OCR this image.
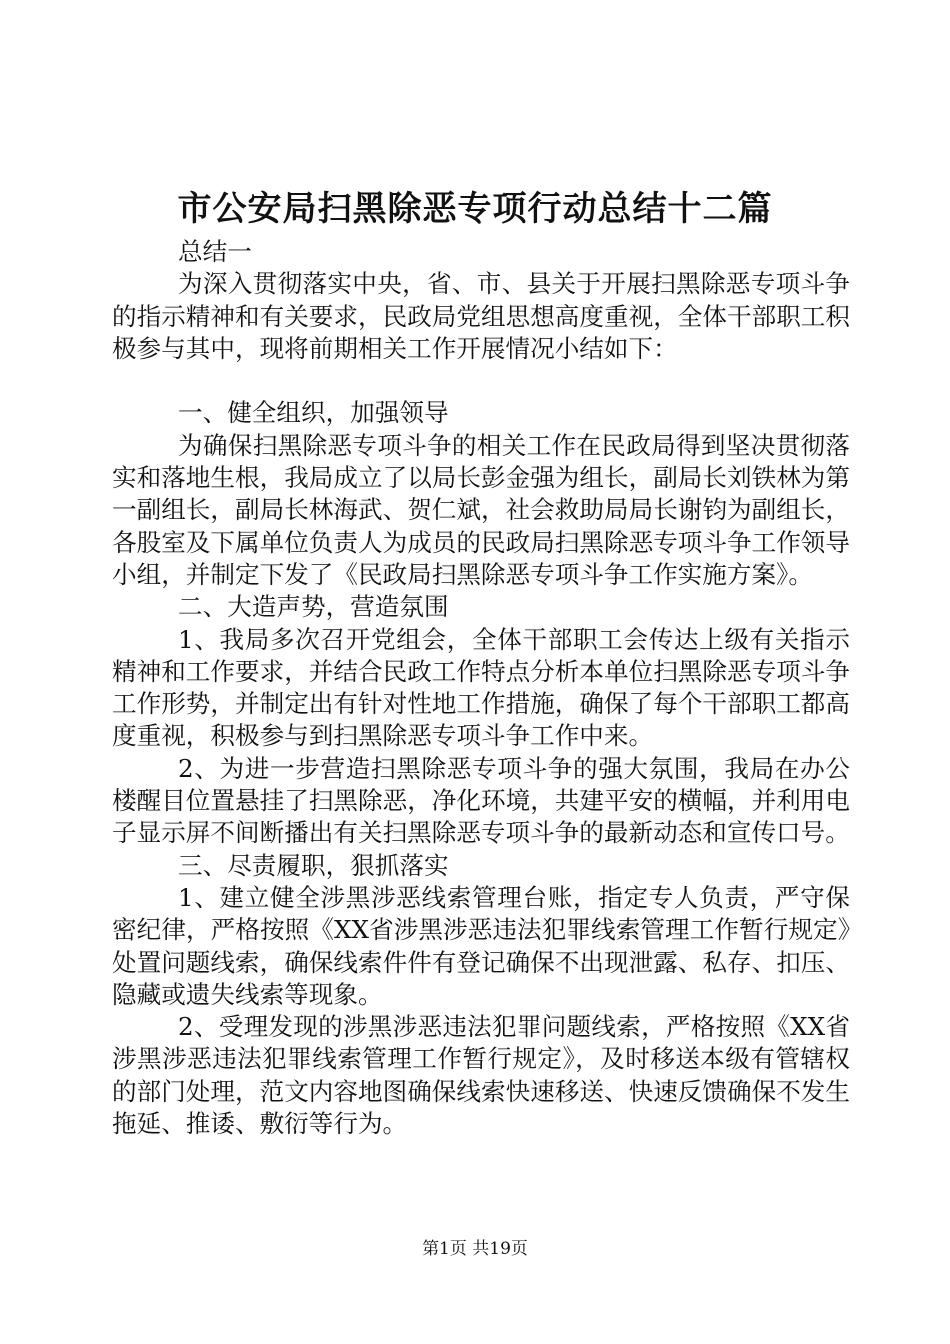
市公安局扫黑除恶专项行动总结十二篇

总结一

为深入贯彻落实中央，省、市、县关于开展扫黑除恶专项斗争的指示精神和有关要求，民政局党组思想高度重视，全体干部职工积极参与其中，现将前期相关工作开展情况小结如下：

一、健全组织，加强领导

为确保扫黑除恶专项斗争的相关工作在民政局得到坚决贯彻落实和落地生根，我局成立了以局长彭金强为组长，副局长刘铁林为第一副组长，副局长林海武、贺仁斌，社会救助局局长谢钧为副组长，各股室及下属单位负责人为成员的民政局扫黑除恶专项斗争工作领导小组，并制定下发了《民政局扫黑除恶专项斗争工作实施方案》。

二、大造声势，营造氛围

1、我局多次召开党组会，全体干部职工会传达上级有关指示精神和工作要求，并结合民政工作特点分析本单位扫黑除恶专项斗争工作形势，并制定出有针对性地工作措施，确保了每个干部职工都高度重视，积极参与到扫黑除恶专项斗争工作中来。

2、为进一步营造扫黑除恶专项斗争的强大氛围，我局在办公楼醒目位置悬挂了扫黑除恶，净化环境，共建平安的横幅，并利用电子显示屏不间断播出有关扫黑除恶专项斗争的最新动态和宣传口号。

三、尽责履职，狠抓落实

1、建立健全涉黑涉恶线索管理台账，指定专人负责，严守保密纪律，严格按照《XX省涉黑涉恶违法犯罪线索管理工作暂行规定》处置问题线索，确保线索件件有登记确保不出现泄露、私存、扣压、隐藏或遗失线索等现象。

2、受理发现的涉黑涉恶违法犯罪问题线索，严格按照《XX省涉黑涉恶违法犯罪线索管理工作暂行规定》，及时移送本级有管辖权的部门处理，范文内容地图确保线索快速移送、快速反馈确保不发生拖延、推诿、敷衍等行为。

第1页 共19页
